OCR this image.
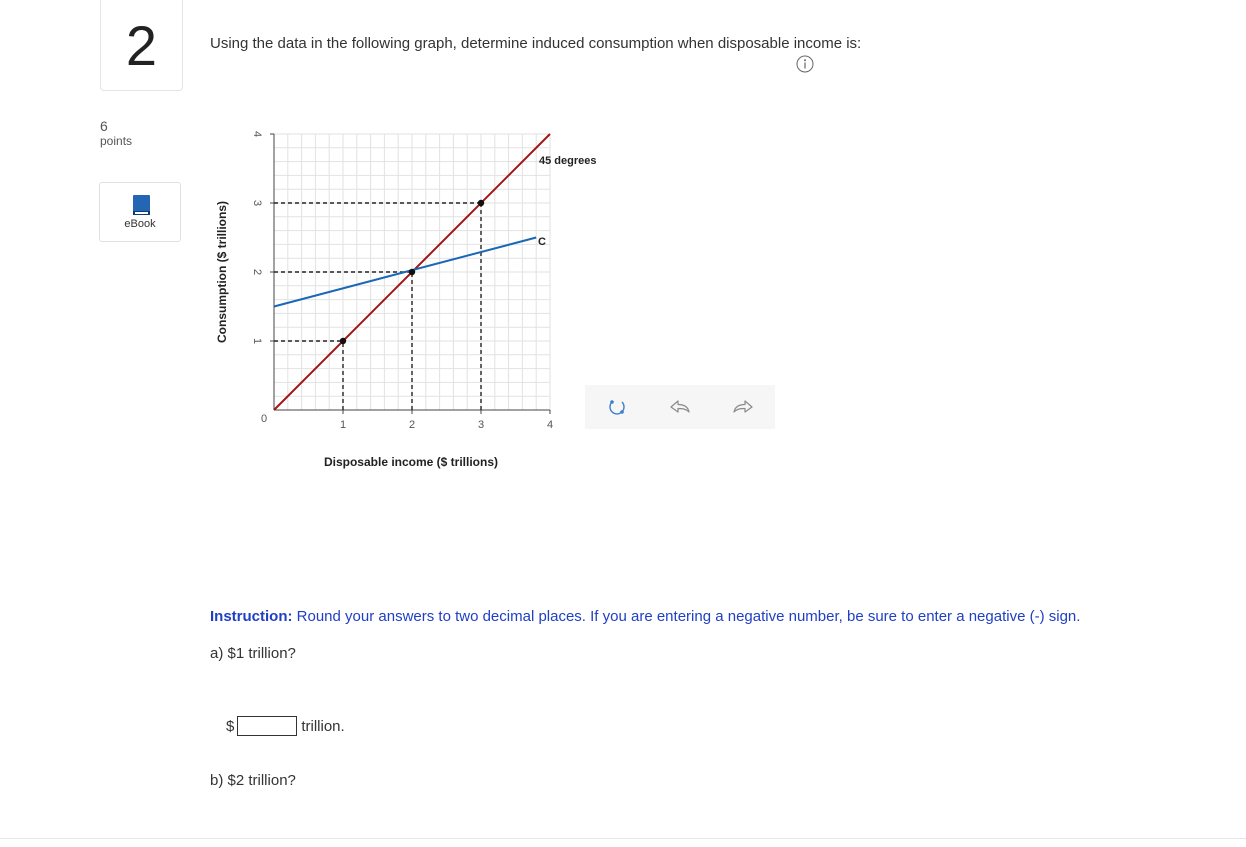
2
6
points
eBook
Using the data in the following graph, determine induced consumption when disposable income is:
1	2	3	4
1
2
3
4
0
45 degrees
C
Disposable income ($ trillions)
Consumption ($ trillions)
Instruction: Round your answers to two decimal places. If you are entering a negative number, be sure to enter a negative (-) sign.
a) $1 trillion?
$	trillion.
b) $2 trillion?
